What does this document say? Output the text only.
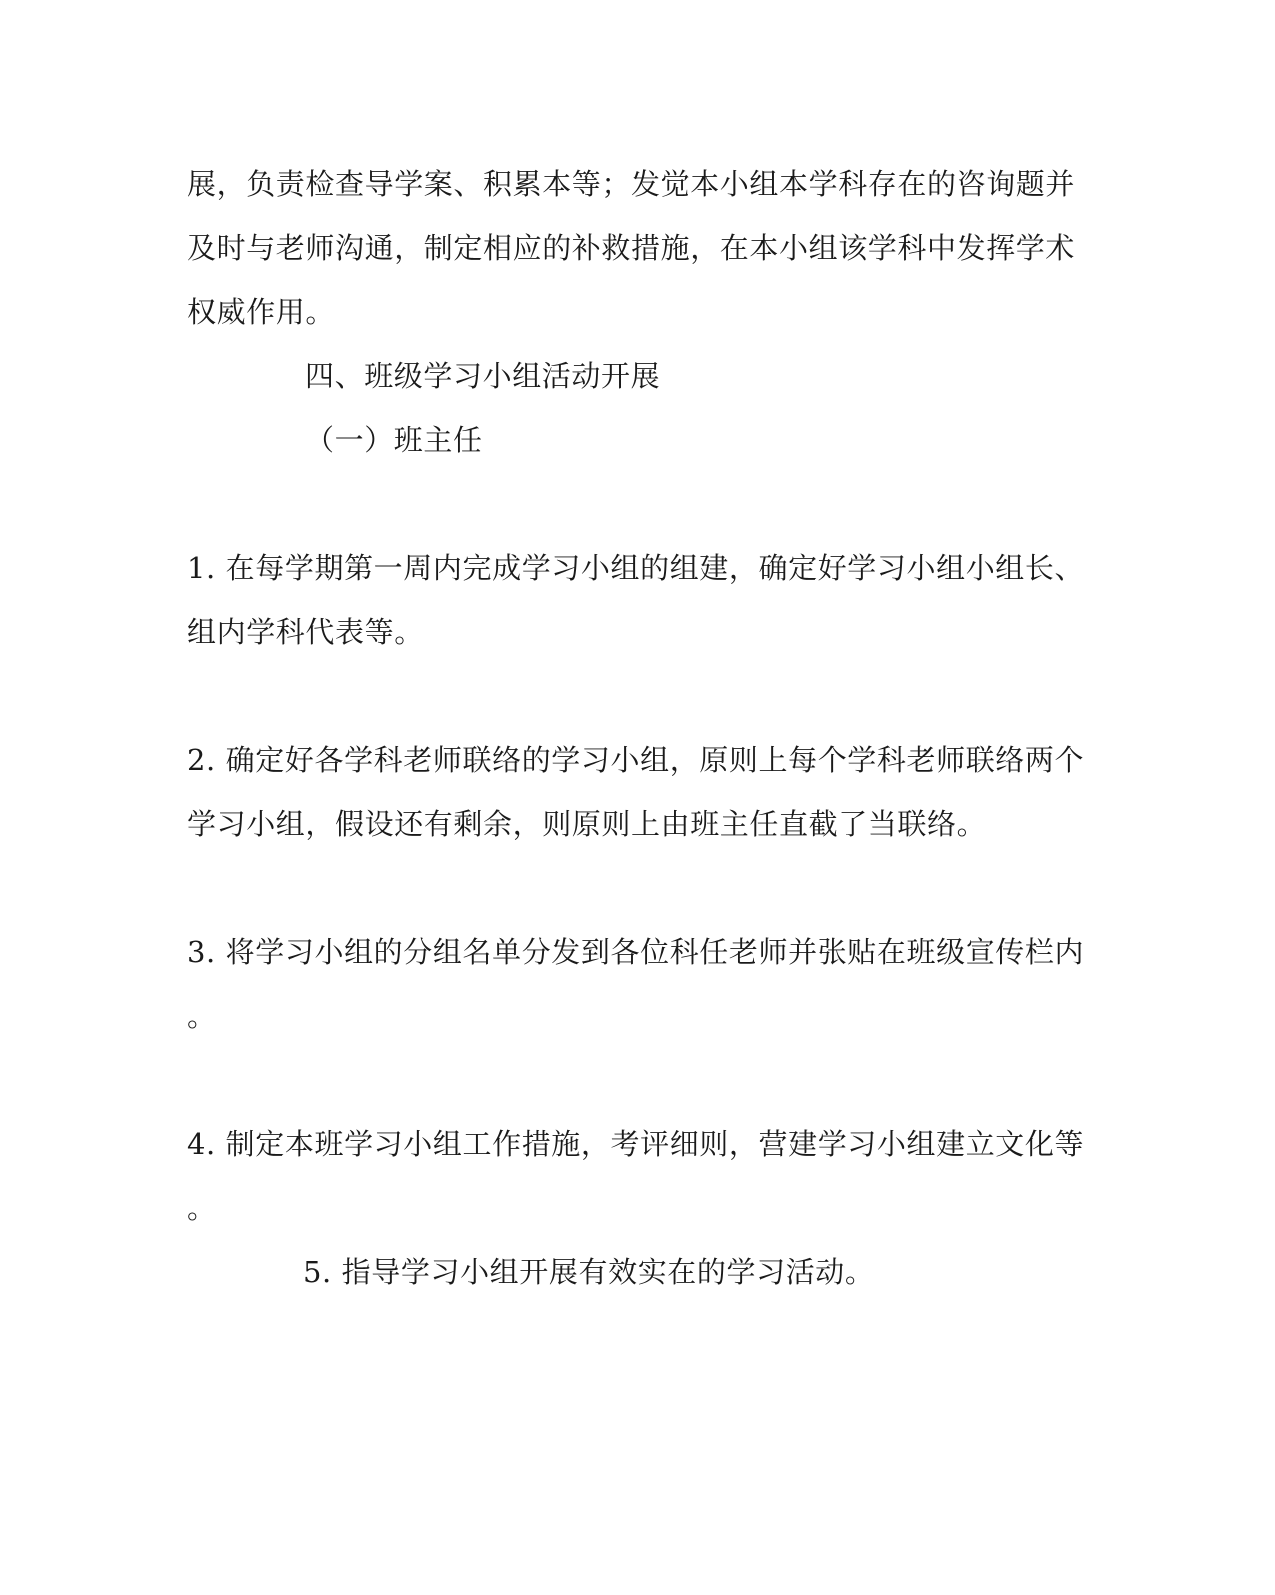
展，负责检查导学案、积累本等；发觉本小组本学科存在的咨询题并
及时与老师沟通，制定相应的补救措施，在本小组该学科中发挥学术
权威作用。
四、班级学习小组活动开展
（一）班主任
1. 在每学期第一周内完成学习小组的组建，确定好学习小组小组长、
组内学科代表等。
2. 确定好各学科老师联络的学习小组，原则上每个学科老师联络两个
学习小组，假设还有剩余，则原则上由班主任直截了当联络。
3. 将学习小组的分组名单分发到各位科任老师并张贴在班级宣传栏内
。
4. 制定本班学习小组工作措施，考评细则，营建学习小组建立文化等
。
5. 指导学习小组开展有效实在的学习活动。
